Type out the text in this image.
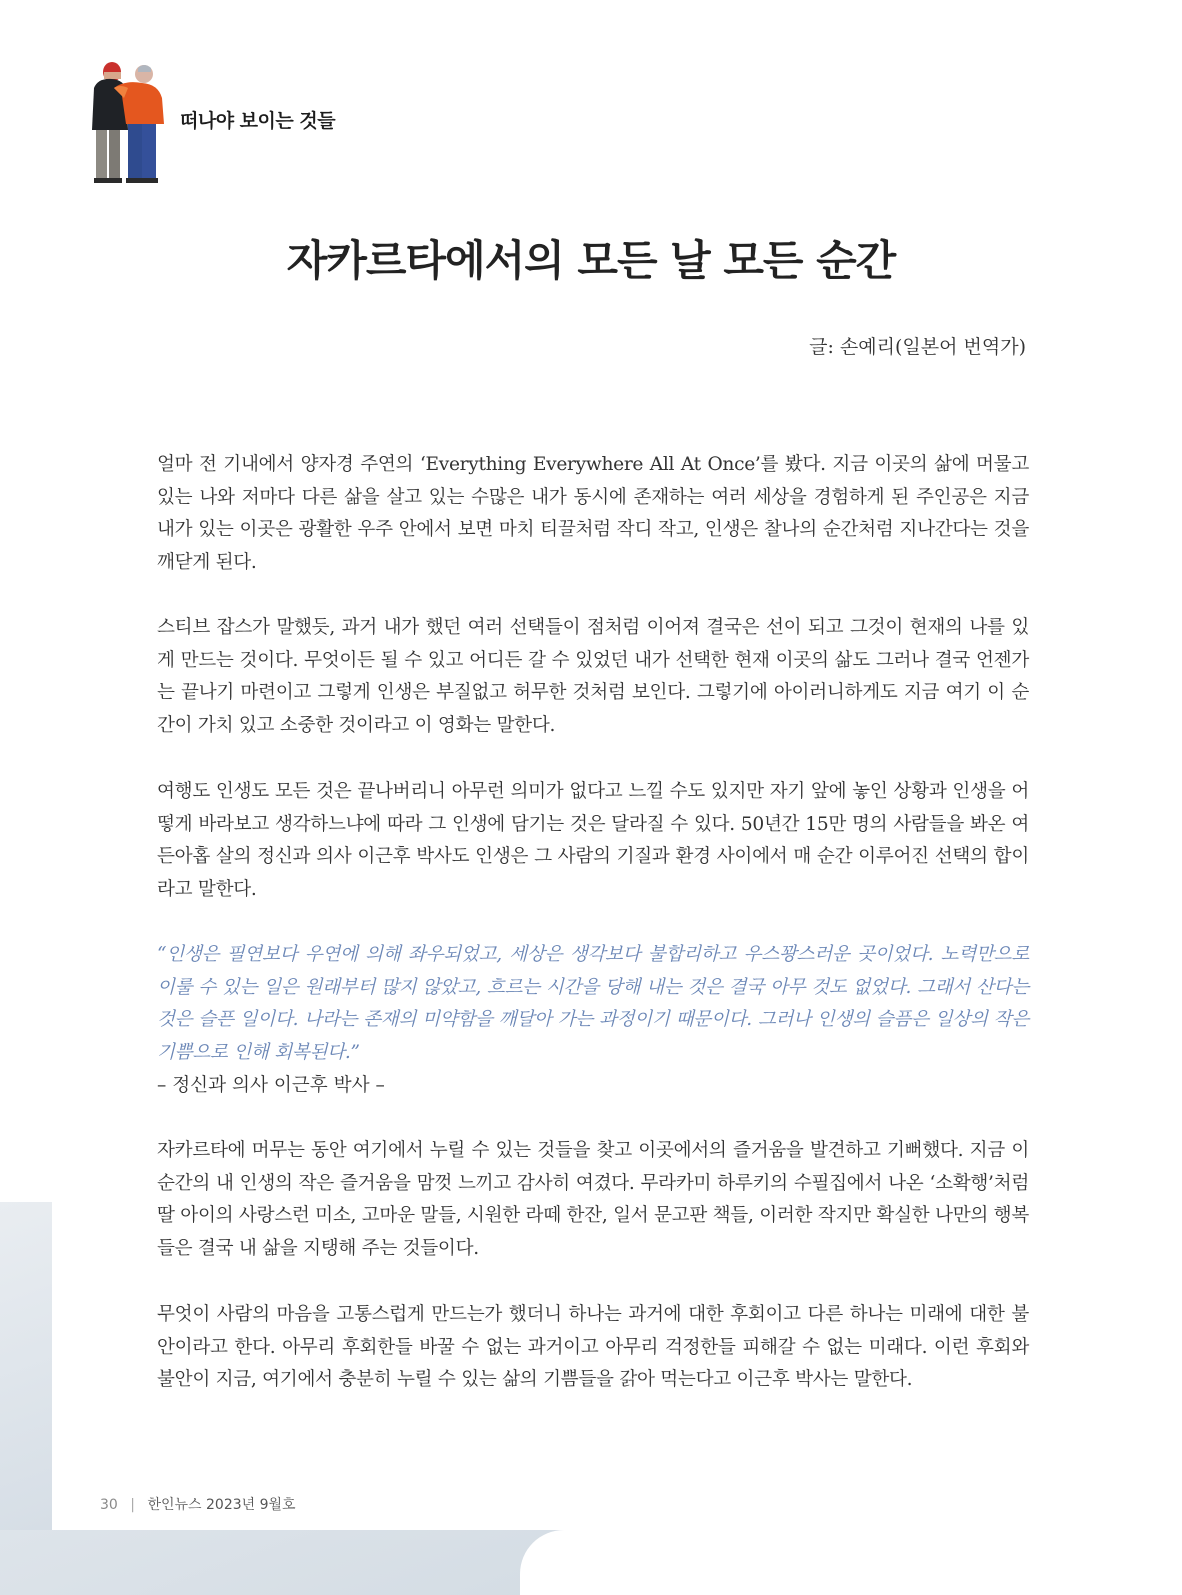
떠나야 보이는 것들
자카르타에서의 모든 날 모든 순간
글: 손예리(일본어 번역가)

얼마 전 기내에서 양자경 주연의 ‘Everything Everywhere All At Once’를 봤다. 지금 이곳의 삶에 머물고 있는 나와 저마다 다른 삶을 살고 있는 수많은 내가 동시에 존재하는 여러 세상을 경험하게 된 주인공은 지금 내가 있는 이곳은 광활한 우주 안에서 보면 마치 티끌처럼 작디 작고, 인생은 찰나의 순간처럼 지나간다는 것을 깨닫게 된다.

스티브 잡스가 말했듯, 과거 내가 했던 여러 선택들이 점처럼 이어져 결국은 선이 되고 그것이 현재의 나를 있게 만드는 것이다. 무엇이든 될 수 있고 어디든 갈 수 있었던 내가 선택한 현재 이곳의 삶도 그러나 결국 언젠가는 끝나기 마련이고 그렇게 인생은 부질없고 허무한 것처럼 보인다. 그렇기에 아이러니하게도 지금 여기 이 순간이 가치 있고 소중한 것이라고 이 영화는 말한다.

여행도 인생도 모든 것은 끝나버리니 아무런 의미가 없다고 느낄 수도 있지만 자기 앞에 놓인 상황과 인생을 어떻게 바라보고 생각하느냐에 따라 그 인생에 담기는 것은 달라질 수 있다. 50년간 15만 명의 사람들을 봐온 여든아홉 살의 정신과 의사 이근후 박사도 인생은 그 사람의 기질과 환경 사이에서 매 순간 이루어진 선택의 합이라고 말한다.

“인생은 필연보다 우연에 의해 좌우되었고, 세상은 생각보다 불합리하고 우스꽝스러운 곳이었다. 노력만으로 이룰 수 있는 일은 원래부터 많지 않았고, 흐르는 시간을 당해 내는 것은 결국 아무 것도 없었다. 그래서 산다는 것은 슬픈 일이다. 나라는 존재의 미약함을 깨달아 가는 과정이기 때문이다. 그러나 인생의 슬픔은 일상의 작은 기쁨으로 인해 회복된다.”

– 정신과 의사 이근후 박사 –

자카르타에 머무는 동안 여기에서 누릴 수 있는 것들을 찾고 이곳에서의 즐거움을 발견하고 기뻐했다. 지금 이 순간의 내 인생의 작은 즐거움을 맘껏 느끼고 감사히 여겼다. 무라카미 하루키의 수필집에서 나온 ‘소확행’처럼 딸 아이의 사랑스런 미소, 고마운 말들, 시원한 라떼 한잔, 일서 문고판 책들, 이러한 작지만 확실한 나만의 행복들은 결국 내 삶을 지탱해 주는 것들이다.

무엇이 사람의 마음을 고통스럽게 만드는가 했더니 하나는 과거에 대한 후회이고 다른 하나는 미래에 대한 불안이라고 한다. 아무리 후회한들 바꿀 수 없는 과거이고 아무리 걱정한들 피해갈 수 없는 미래다. 이런 후회와 불안이 지금, 여기에서 충분히 누릴 수 있는 삶의 기쁨들을 갉아 먹는다고 이근후 박사는 말한다.

30 | 한인뉴스 2023년 9월호
